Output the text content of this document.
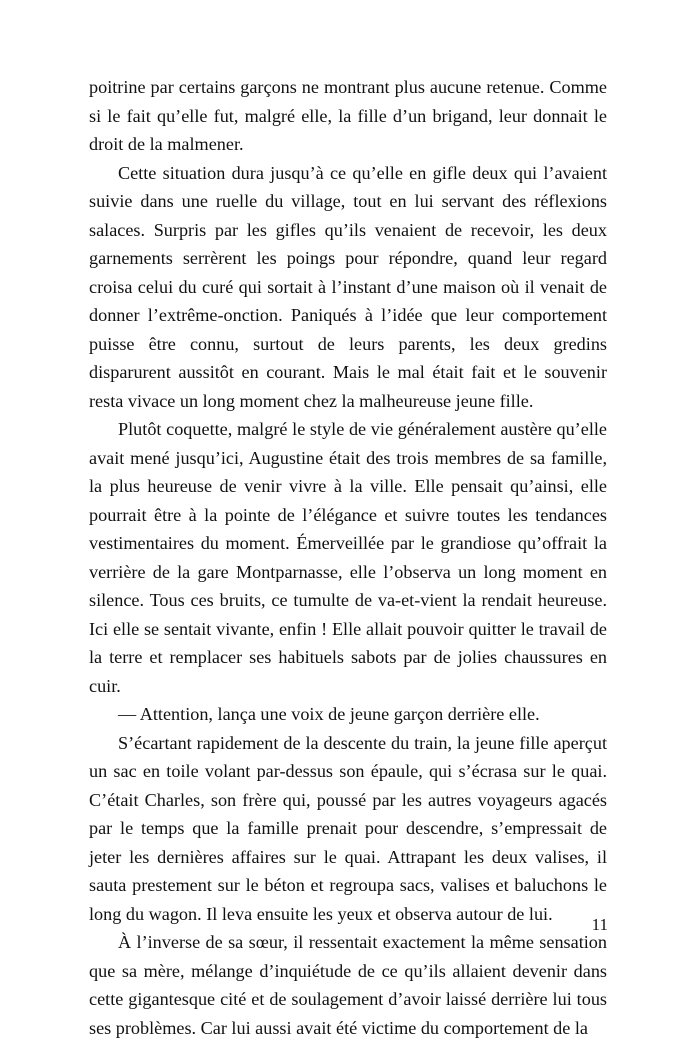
poitrine par certains garçons ne montrant plus aucune retenue. Comme si le fait qu’elle fut, malgré elle, la fille d’un brigand, leur donnait le droit de la malmener.

Cette situation dura jusqu’à ce qu’elle en gifle deux qui l’avaient suivie dans une ruelle du village, tout en lui servant des réflexions salaces. Surpris par les gifles qu’ils venaient de recevoir, les deux garnements serrèrent les poings pour répondre, quand leur regard croisa celui du curé qui sortait à l’instant d’une maison où il venait de donner l’extrême-onction. Paniqués à l’idée que leur comportement puisse être connu, surtout de leurs parents, les deux gredins disparurent aussitôt en courant. Mais le mal était fait et le souvenir resta vivace un long moment chez la malheureuse jeune fille.

Plutôt coquette, malgré le style de vie généralement austère qu’elle avait mené jusqu’ici, Augustine était des trois membres de sa famille, la plus heureuse de venir vivre à la ville. Elle pensait qu’ainsi, elle pourrait être à la pointe de l’élégance et suivre toutes les tendances vestimentaires du moment. Émerveillée par le grandiose qu’offrait la verrière de la gare Montparnasse, elle l’observa un long moment en silence. Tous ces bruits, ce tumulte de va-et-vient la rendait heureuse. Ici elle se sentait vivante, enfin ! Elle allait pouvoir quitter le travail de la terre et remplacer ses habituels sabots par de jolies chaussures en cuir.

— Attention, lança une voix de jeune garçon derrière elle.

S’écartant rapidement de la descente du train, la jeune fille aperçut un sac en toile volant par-dessus son épaule, qui s’écrasa sur le quai. C’était Charles, son frère qui, poussé par les autres voyageurs agacés par le temps que la famille prenait pour descendre, s’empressait de jeter les dernières affaires sur le quai. Attrapant les deux valises, il sauta prestement sur le béton et regroupa sacs, valises et baluchons le long du wagon. Il leva ensuite les yeux et observa autour de lui.

À l’inverse de sa sœur, il ressentait exactement la même sensation que sa mère, mélange d’inquiétude de ce qu’ils allaient devenir dans cette gigantesque cité et de soulagement d’avoir laissé derrière lui tous ses problèmes. Car lui aussi avait été victime du comportement de la

11
